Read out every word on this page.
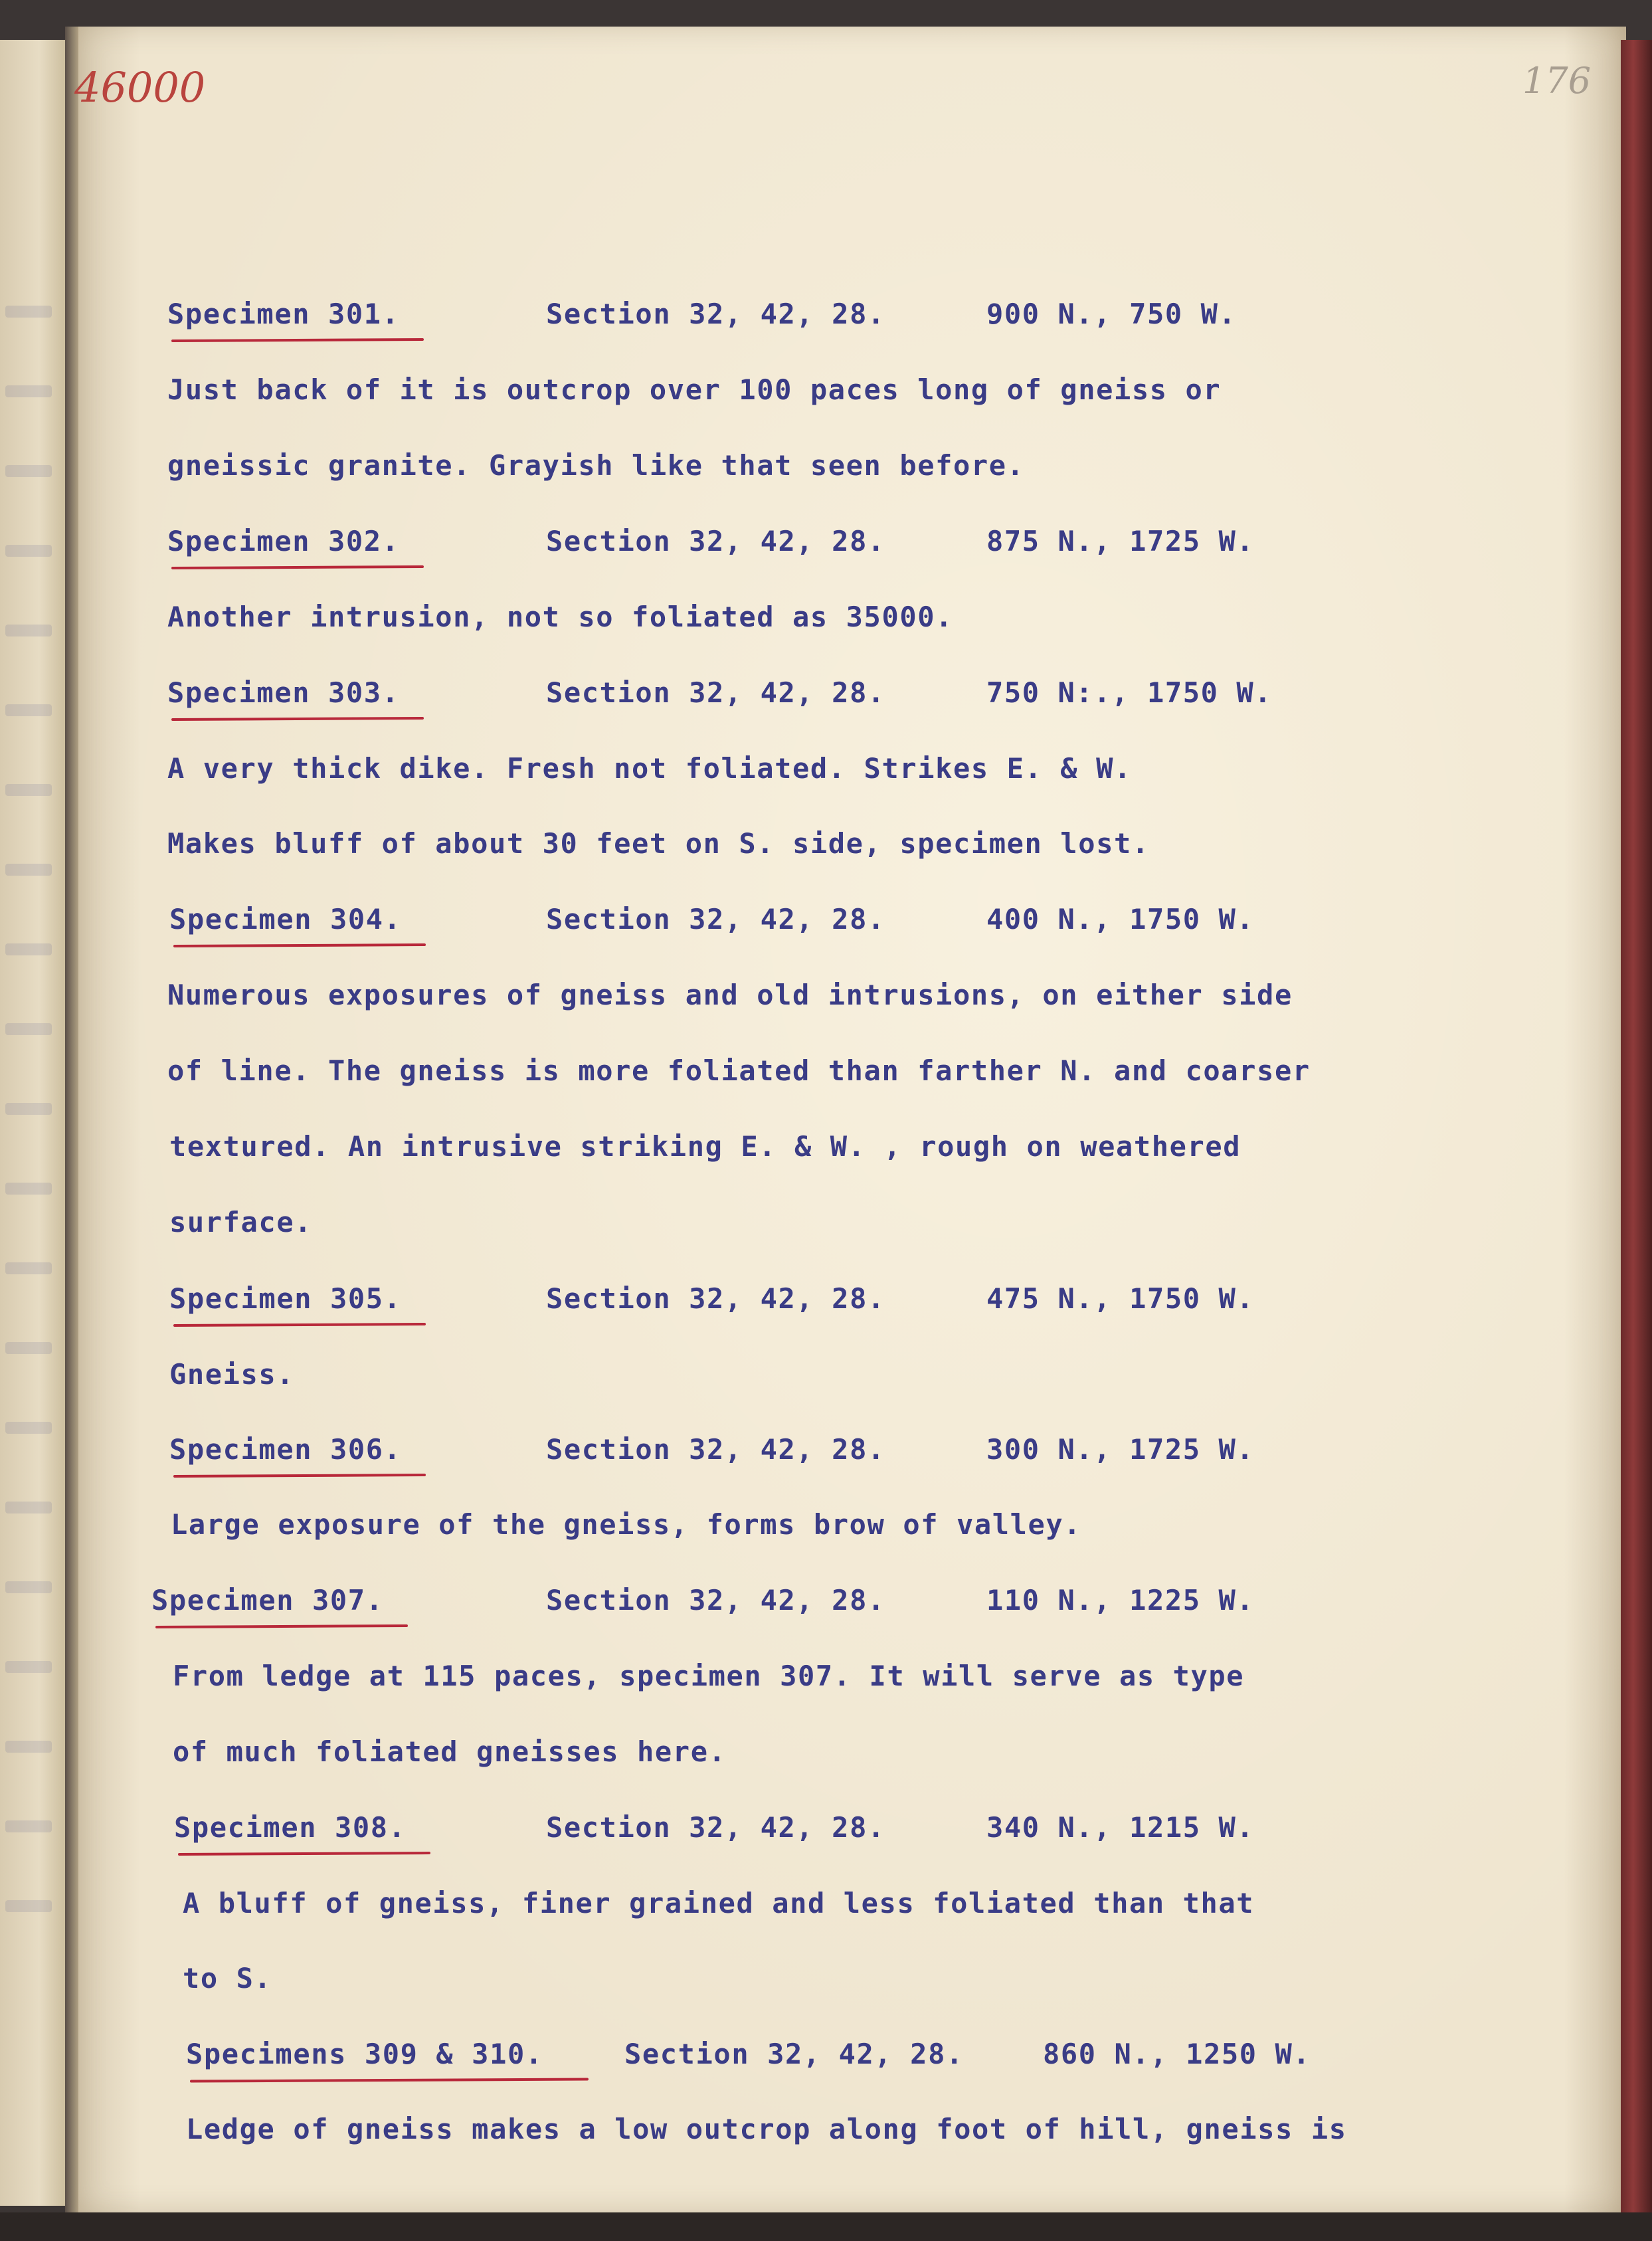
46000	176

Specimen 301.	Section 32, 42, 28.	900 N., 750 W.
Just back of it is outcrop over 100 paces long of gneiss or
gneissic granite. Grayish like that seen before.
Specimen 302.	Section 32, 42, 28.	875 N., 1725 W.
Another intrusion, not so foliated as 35000.
Specimen 303.	Section 32, 42, 28.	750 N:., 1750 W.
A very thick dike. Fresh not foliated. Strikes E. & W.
Makes bluff of about 30 feet on S. side, specimen lost.
Specimen 304.	Section 32, 42, 28.	400 N., 1750 W.
Numerous exposures of gneiss and old intrusions, on either side
of line. The gneiss is more foliated than farther N. and coarser
textured. An intrusive striking E. & W. , rough on weathered
surface.
Specimen 305.	Section 32, 42, 28.	475 N., 1750 W.
Gneiss.
Specimen 306.	Section 32, 42, 28.	300 N., 1725 W.
Large exposure of the gneiss, forms brow of valley.
Specimen 307.	Section 32, 42, 28.	110 N., 1225 W.
From ledge at 115 paces, specimen 307. It will serve as type
of much foliated gneisses here.
Specimen 308.	Section 32, 42, 28.	340 N., 1215 W.
A bluff of gneiss, finer grained and less foliated than that
to S.
Specimens 309 & 310.	Section 32, 42, 28.	860 N., 1250 W.
Ledge of gneiss makes a low outcrop along foot of hill, gneiss is
